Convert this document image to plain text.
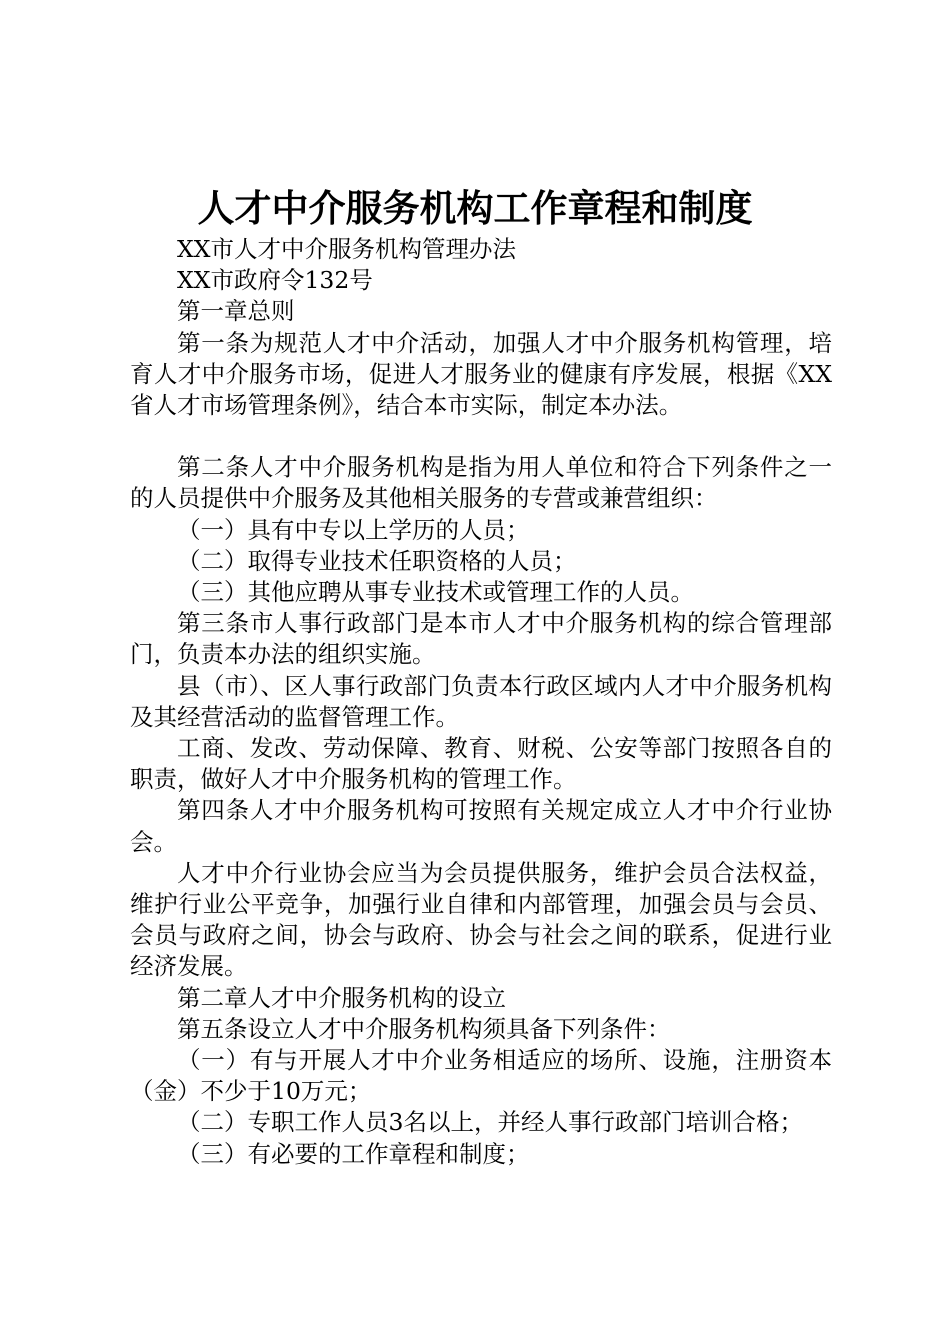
人才中介服务机构工作章程和制度

XX市人才中介服务机构管理办法

XX市政府令132号

第一章总则

第一条为规范人才中介活动，加强人才中介服务机构管理，培育人才中介服务市场，促进人才服务业的健康有序发展，根据《XX省人才市场管理条例》，结合本市实际，制定本办法。

第二条人才中介服务机构是指为用人单位和符合下列条件之一的人员提供中介服务及其他相关服务的专营或兼营组织：

（一）具有中专以上学历的人员；

（二）取得专业技术任职资格的人员；

（三）其他应聘从事专业技术或管理工作的人员。

第三条市人事行政部门是本市人才中介服务机构的综合管理部门，负责本办法的组织实施。

县（市）、区人事行政部门负责本行政区域内人才中介服务机构及其经营活动的监督管理工作。

工商、发改、劳动保障、教育、财税、公安等部门按照各自的职责，做好人才中介服务机构的管理工作。

第四条人才中介服务机构可按照有关规定成立人才中介行业协会。

人才中介行业协会应当为会员提供服务，维护会员合法权益，维护行业公平竞争，加强行业自律和内部管理，加强会员与会员、会员与政府之间，协会与政府、协会与社会之间的联系，促进行业经济发展。

第二章人才中介服务机构的设立

第五条设立人才中介服务机构须具备下列条件：

（一）有与开展人才中介业务相适应的场所、设施，注册资本（金）不少于10万元；

（二）专职工作人员3名以上，并经人事行政部门培训合格；

（三）有必要的工作章程和制度；
